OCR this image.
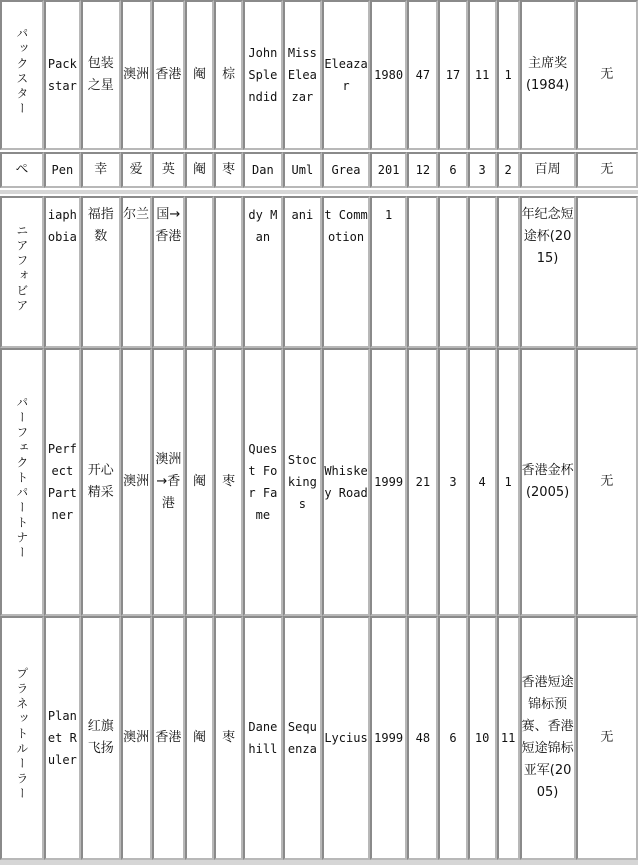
パックスター	Packstar	包装之星	澳洲	香港	阉	棕	John Splendid	Miss Eleazar	Eleazar	1980	47	17	11	1	主席奖(1984)	无
ペ	Pen	幸	爱	英	阉	枣	Dan	Uml	Grea	201	12	6	3	2	百周	无
ニアフォビア	iaphobia	福指数	尔兰	国→香港			dy Man	ani	t Commotion	1					年纪念短途杯(2015)	
パーフェクトパートナー	Perfect Partner	开心精采	澳洲	澳洲→香港	阉	枣	Quest For Fame	Stockings	Whiskey Road	1999	21	3	4	1	香港金杯(2005)	无
プラネットルーラー	Planet Ruler	红旗飞扬	澳洲	香港	阉	枣	Danehill	Sequenza	Lycius	1999	48	6	10	11	香港短途锦标预赛、香港短途锦标亚军(2005)	无
